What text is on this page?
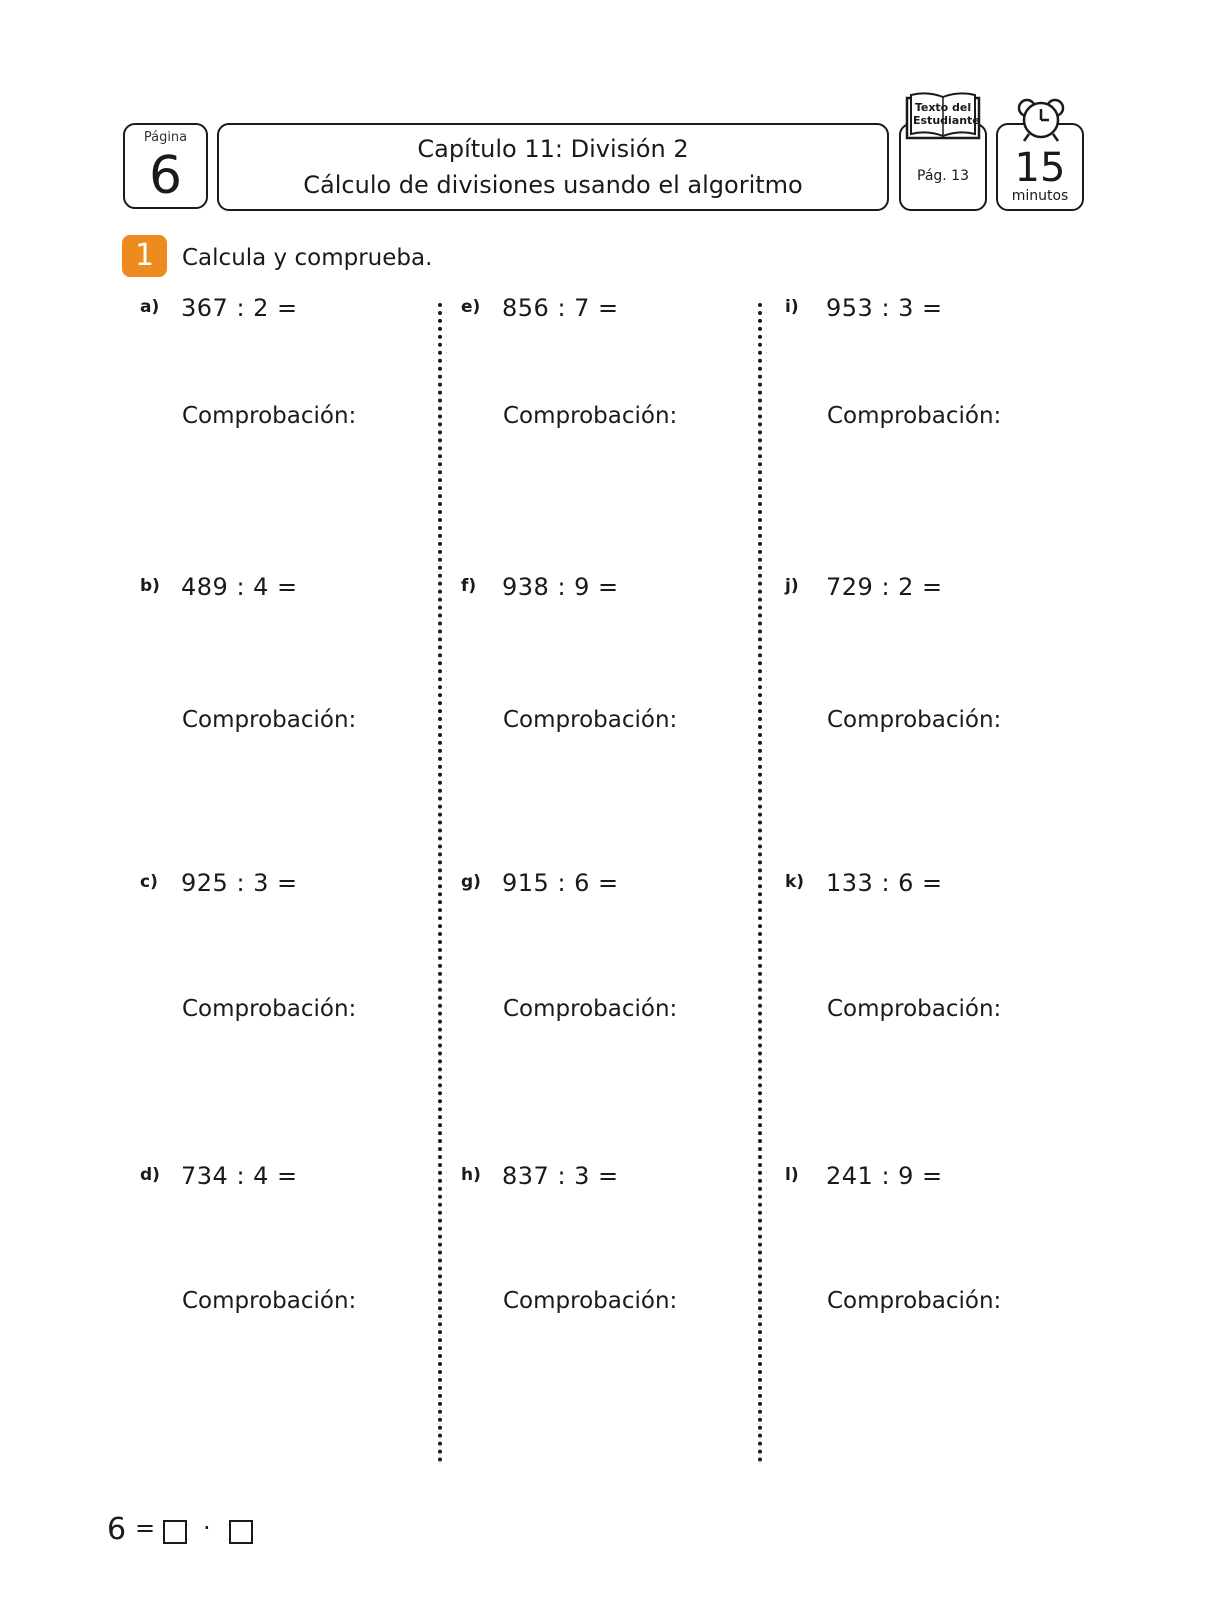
Página
6	Capítulo 11: División 2
Cálculo de divisiones usando el algoritmo
Texto del
Estudiante
Pág. 13	15
minutos
1	Calcula y comprueba.
a) 367 : 2 =
Comprobación:
b) 489 : 4 =
Comprobación:
c) 925 : 3 =
Comprobación:
d) 734 : 4 =
Comprobación:
e) 856 : 7 =
Comprobación:
f) 938 : 9 =
Comprobación:
g) 915 : 6 =
Comprobación:
h) 837 : 3 =
Comprobación:
i) 953 : 3 =
Comprobación:
j) 729 : 2 =
Comprobación:
k) 133 : 6 =
Comprobación:
l) 241 : 9 =
Comprobación:
6 = ·
